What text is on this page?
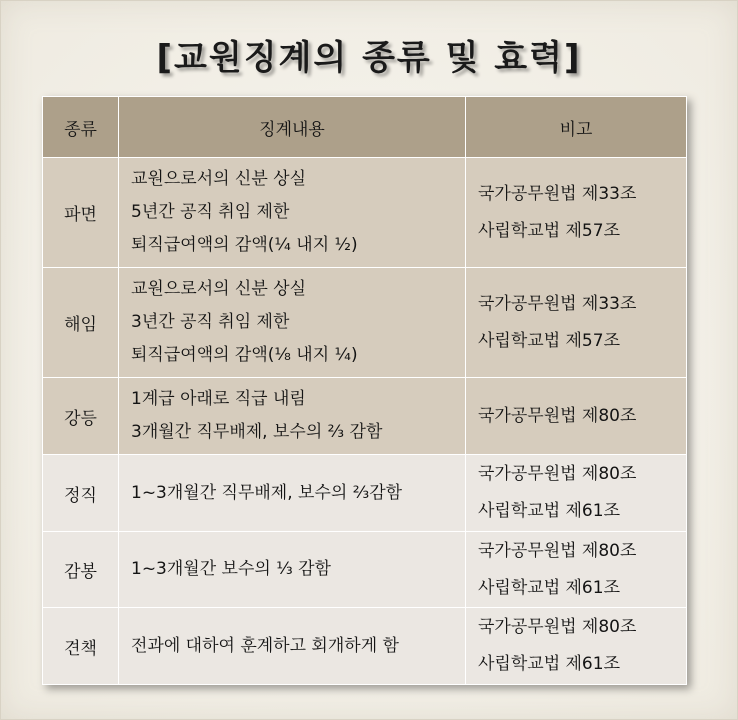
[교원징계의 종류 및 효력]
종류	징계내용	비고
파면	교원으로서의 신분 상실
5년간 공직 취임 제한
퇴직급여액의 감액(¼ 내지 ½)	국가공무원법 제33조
사립학교법 제57조

해임	교원으로서의 신분 상실
3년간 공직 취임 제한
퇴직급여액의 감액(⅛ 내지 ¼)	국가공무원법 제33조
사립학교법 제57조

강등	1계급 아래로 직급 내림
3개월간 직무배제, 보수의 ⅔ 감함	국가공무원법 제80조

정직	1~3개월간 직무배제, 보수의 ⅔감함	국가공무원법 제80조
사립학교법 제61조

감봉	1~3개월간 보수의 ⅓ 감함	국가공무원법 제80조
사립학교법 제61조

견책	전과에 대하여 훈계하고 회개하게 함	국가공무원법 제80조
사립학교법 제61조
